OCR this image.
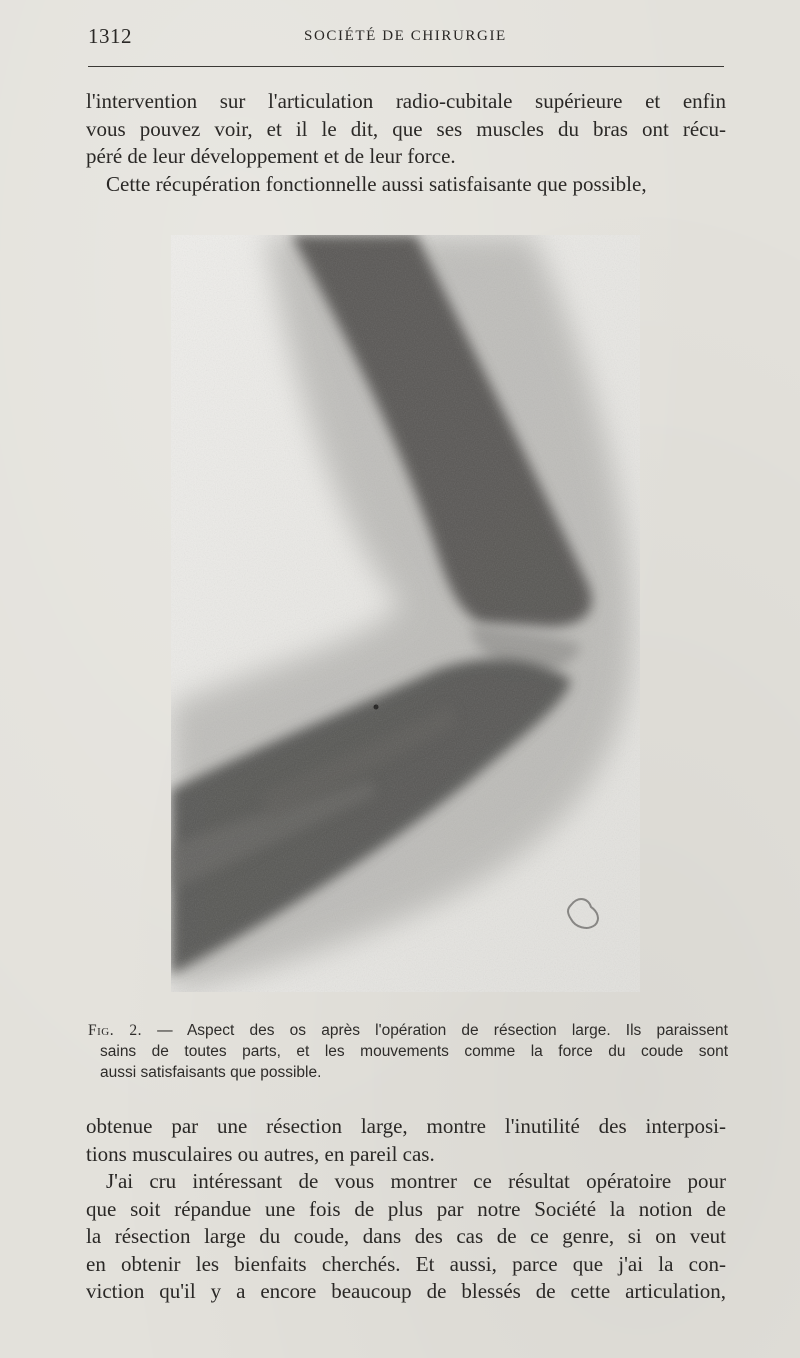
1312	SOCIÉTÉ DE CHIRURGIE

l'intervention sur l'articulation radio-cubitale supérieure et enfin

vous pouvez voir, et il le dit, que ses muscles du bras ont récu-

péré de leur développement et de leur force.

Cette récupération fonctionnelle aussi satisfaisante que possible,

Fig. 2. — Aspect des os après l'opération de résection large. Ils paraissent

sains de toutes parts, et les mouvements comme la force du coude sont

aussi satisfaisants que possible.

obtenue par une résection large, montre l'inutilité des interposi-

tions musculaires ou autres, en pareil cas.

J'ai cru intéressant de vous montrer ce résultat opératoire pour

que soit répandue une fois de plus par notre Société la notion de

la résection large du coude, dans des cas de ce genre, si on veut

en obtenir les bienfaits cherchés. Et aussi, parce que j'ai la con-

viction qu'il y a encore beaucoup de blessés de cette articulation,
